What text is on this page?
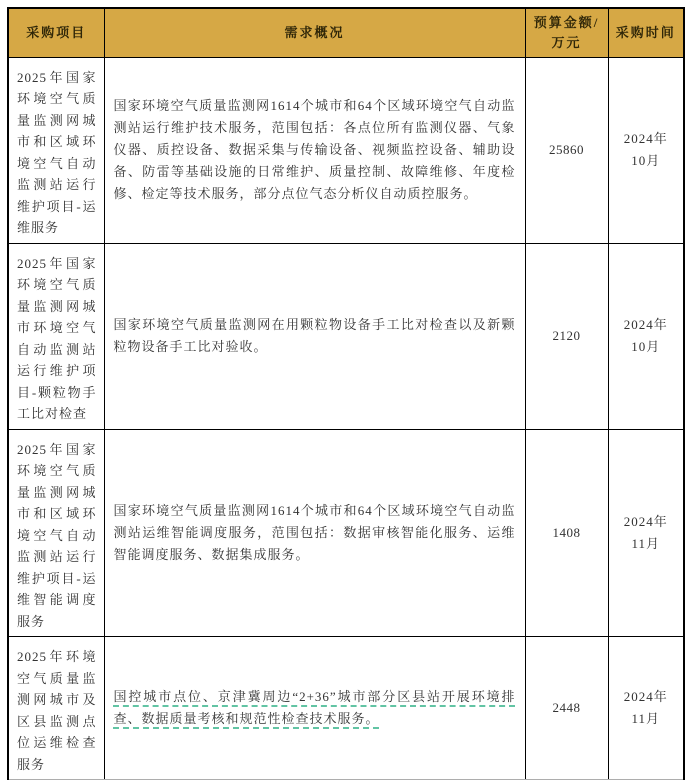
采购项目	需求概况	预算金额/万元	采购时间
2025年国家环境空气质量监测网城市和区域环境空气自动监测站运行维护项目-运维服务	国家环境空气质量监测网1614个城市和64个区域环境空气自动监测站运行维护技术服务，范围包括：各点位所有监测仪器、气象仪器、质控设备、数据采集与传输设备、视频监控设备、辅助设备、防雷等基础设施的日常维护、质量控制、故障维修、年度检修、检定等技术服务，部分点位气态分析仪自动质控服务。	25860	2024年10月
2025年国家环境空气质量监测网城市环境空气自动监测站运行维护项目-颗粒物手工比对检查	国家环境空气质量监测网在用颗粒物设备手工比对检查以及新颗粒物设备手工比对验收。	2120	2024年10月
2025年国家环境空气质量监测网城市和区域环境空气自动监测站运行维护项目-运维智能调度服务	国家环境空气质量监测网1614个城市和64个区域环境空气自动监测站运维智能调度服务，范围包括：数据审核智能化服务、运维智能调度服务、数据集成服务。	1408	2024年11月
2025年环境空气质量监测网城市及区县监测点位运维检查服务	国控城市点位、京津冀周边“2+36”城市部分区县站开展环境排查、数据质量考核和规范性检查技术服务。	2448	2024年11月
